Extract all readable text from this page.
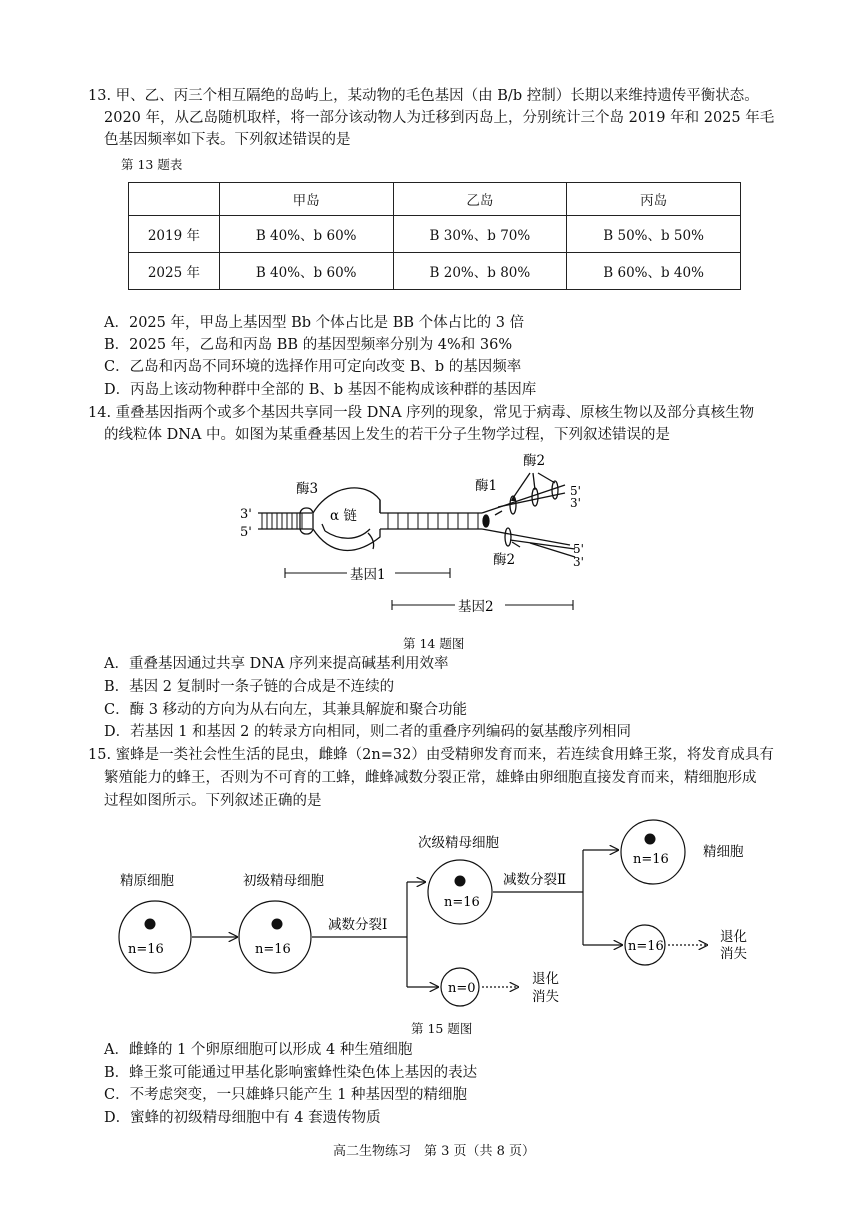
13. 甲、乙、丙三个相互隔绝的岛屿上，某动物的毛色基因（由 B/b 控制）长期以来维持遗传平衡状态。
2020 年，从乙岛随机取样，将一部分该动物人为迁移到丙岛上，分别统计三个岛 2019 年和 2025 年毛
色基因频率如下表。下列叙述错误的是
第 13 题表
	甲岛	乙岛	丙岛
2019 年	B 40%、b 60%	B 30%、b 70%	B 50%、b 50%
2025 年	B 40%、b 60%	B 20%、b 80%	B 60%、b 40%
A．2025 年，甲岛上基因型 Bb 个体占比是 BB 个体占比的 3 倍
B．2025 年，乙岛和丙岛 BB 的基因型频率分别为 4%和 36%
C．乙岛和丙岛不同环境的选择作用可定向改变 B、b 的基因频率
D．丙岛上该动物种群中全部的 B、b 基因不能构成该种群的基因库
14. 重叠基因指两个或多个基因共享同一段 DNA 序列的现象，常见于病毒、原核生物以及部分真核生物
的线粒体 DNA 中。如图为某重叠基因上发生的若干分子生物学过程，下列叙述错误的是
3'
5'
酶3
α 链
酶1
酶2
酶2
5'
3'
5'
3'
基因1
基因2
第 14 题图
A．重叠基因通过共享 DNA 序列来提高碱基利用效率
B．基因 2 复制时一条子链的合成是不连续的
C．酶 3 移动的方向为从右向左，其兼具解旋和聚合功能
D．若基因 1 和基因 2 的转录方向相同，则二者的重叠序列编码的氨基酸序列相同
15. 蜜蜂是一类社会性生活的昆虫，雌蜂（2n=32）由受精卵发育而来，若连续食用蜂王浆，将发育成具有
繁殖能力的蜂王，否则为不可育的工蜂，雌蜂减数分裂正常，雄蜂由卵细胞直接发育而来，精细胞形成
过程如图所示。下列叙述正确的是
n=16	n=16
n=16
n=0
n=16
n=16
精原细胞	初级精母细胞
次级精母细胞
精细胞
减数分裂Ⅰ
减数分裂Ⅱ
退化
消失
退化
消失
第 15 题图
A．雌蜂的 1 个卵原细胞可以形成 4 种生殖细胞
B．蜂王浆可能通过甲基化影响蜜蜂性染色体上基因的表达
C．不考虑突变，一只雄蜂只能产生 1 种基因型的精细胞
D．蜜蜂的初级精母细胞中有 4 套遗传物质
高二生物练习　第 3 页（共 8 页）
